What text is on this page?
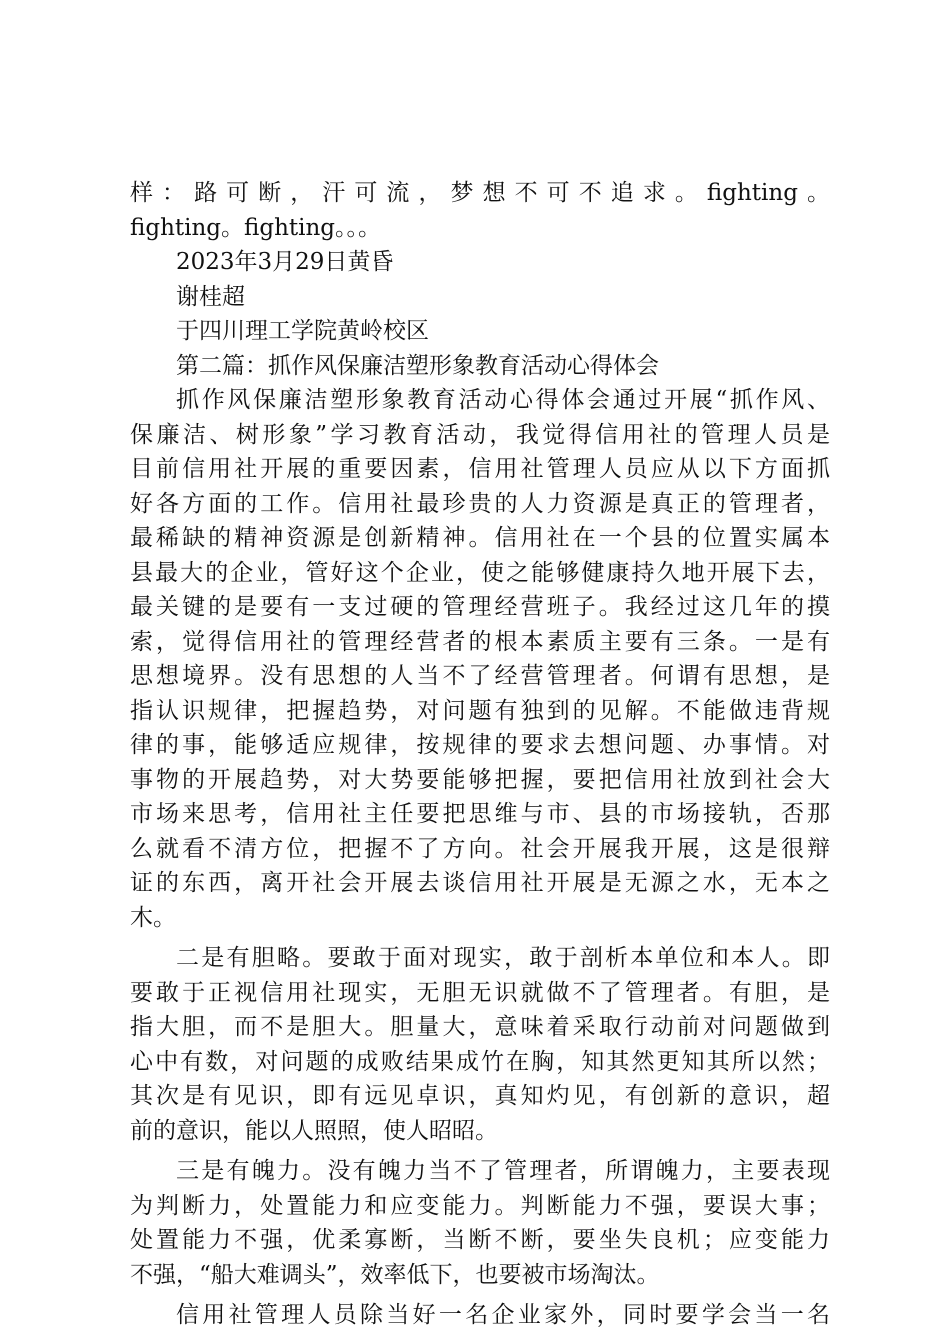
样：路可断，汗可流，梦想不可不追求。fighting。
fighting。fighting。。。
2023年3月29日黄昏
谢桂超
于四川理工学院黄岭校区
第二篇：抓作风保廉洁塑形象教育活动心得体会
抓作风保廉洁塑形象教育活动心得体会通过开展“抓作风、
保廉洁、树形象”学习教育活动，我觉得信用社的管理人员是
目前信用社开展的重要因素，信用社管理人员应从以下方面抓
好各方面的工作。信用社最珍贵的人力资源是真正的管理者，
最稀缺的精神资源是创新精神。信用社在一个县的位置实属本
县最大的企业，管好这个企业，使之能够健康持久地开展下去，
最关键的是要有一支过硬的管理经营班子。我经过这几年的摸
索，觉得信用社的管理经营者的根本素质主要有三条。一是有
思想境界。没有思想的人当不了经营管理者。何谓有思想，是
指认识规律，把握趋势，对问题有独到的见解。不能做违背规
律的事，能够适应规律，按规律的要求去想问题、办事情。对
事物的开展趋势，对大势要能够把握，要把信用社放到社会大
市场来思考，信用社主任要把思维与市、县的市场接轨，否那
么就看不清方位，把握不了方向。社会开展我开展，这是很辩
证的东西，离开社会开展去谈信用社开展是无源之水，无本之
木。
二是有胆略。要敢于面对现实，敢于剖析本单位和本人。即
要敢于正视信用社现实，无胆无识就做不了管理者。有胆，是
指大胆，而不是胆大。胆量大，意味着采取行动前对问题做到
心中有数，对问题的成败结果成竹在胸，知其然更知其所以然；
其次是有见识，即有远见卓识，真知灼见，有创新的意识，超
前的意识，能以人照照，使人昭昭。
三是有魄力。没有魄力当不了管理者，所谓魄力，主要表现
为判断力，处置能力和应变能力。判断能力不强，要误大事；
处置能力不强，优柔寡断，当断不断，要坐失良机；应变能力
不强，“船大难调头”，效率低下，也要被市场淘汰。
信用社管理人员除当好一名企业家外，同时要学会当一名
